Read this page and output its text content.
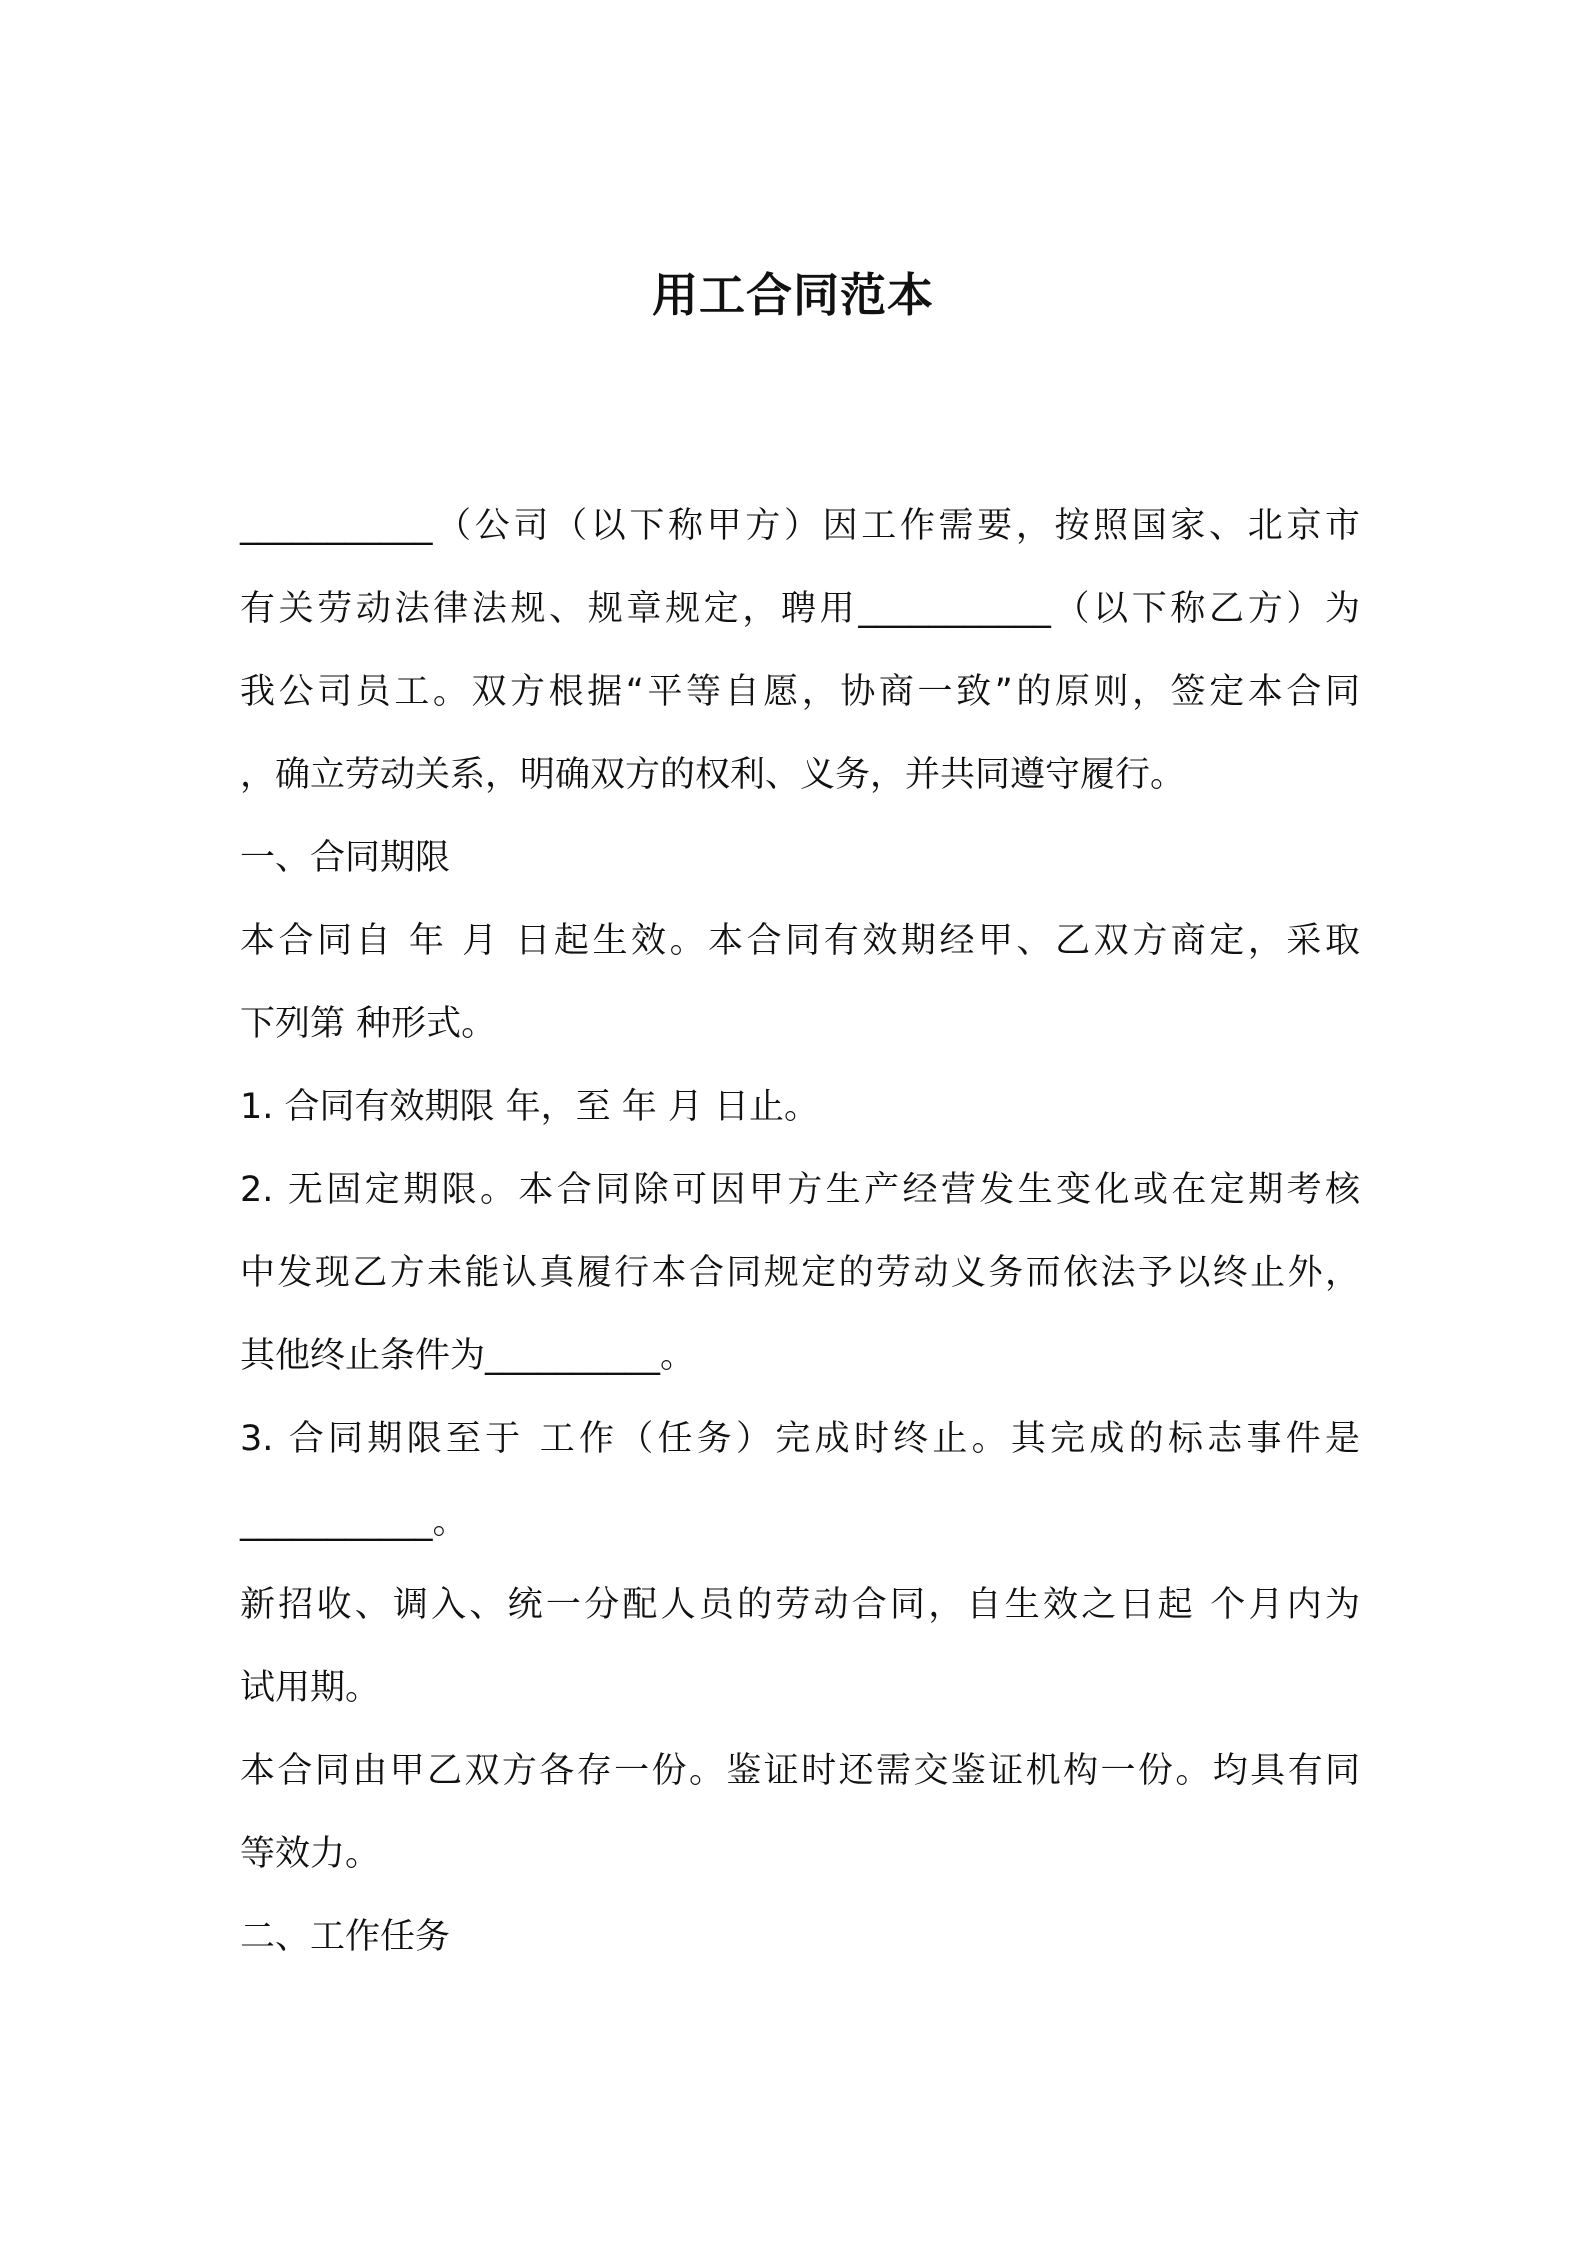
用工合同范本
___________（公司（以下称甲方）因工作需要，按照国家、北京市
有关劳动法律法规、规章规定，聘用___________（以下称乙方）为
我公司员工。双方根据“平等自愿，协商一致”的原则，签定本合同
，确立劳动关系，明确双方的权利、义务，并共同遵守履行。
一、合同期限
本合同自 年 月 日起生效。本合同有效期经甲、乙双方商定，采取
下列第 种形式。
1. 合同有效期限 年，至 年 月 日止。
2. 无固定期限。本合同除可因甲方生产经营发生变化或在定期考核
中发现乙方未能认真履行本合同规定的劳动义务而依法予以终止外，
其他终止条件为__________。
3. 合同期限至于 工作（任务）完成时终止。其完成的标志事件是
___________。
新招收、调入、统一分配人员的劳动合同，自生效之日起 个月内为
试用期。
本合同由甲乙双方各存一份。鉴证时还需交鉴证机构一份。均具有同
等效力。
二、工作任务
